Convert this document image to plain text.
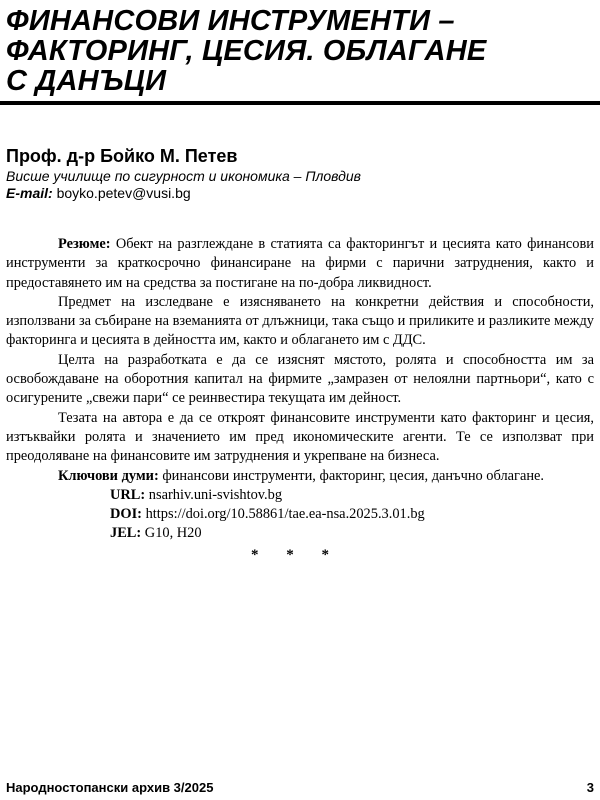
ФИНАНСОВИ ИНСТРУМЕНТИ –
ФАКТОРИНГ, ЦЕСИЯ. ОБЛАГАНЕ
С ДАНЪЦИ

Проф. д-р Бойко М. Петев

Висше училище по сигурност и икономика – Пловдив

E-mail: boyko.petev@vusi.bg

Резюме: Обект на разглеждане в статията са факторингът и цесията като финансови инструменти за краткосрочно финансиране на фирми с парични затруднения, както и предоставянето им на средства за постигане на по-добра ликвидност.

Предмет на изследване е изясняването на конкретни действия и способности, използвани за събиране на вземанията от длъжници, така също и приликите и разликите между факторинга и цесията в дейността им, както и облагането им с ДДС.

Целта на разработката е да се изяснят мястото, ролята и способността им за освобождаване на оборотния капитал на фирмите „замразен от нелоялни партньори“, като с осигурените „свежи пари“ се реинвестира текущата им дейност.

Тезата на автора е да се откроят финансовите инструменти като факторинг и цесия, изтъквайки ролята и значението им пред икономическите агенти. Те се използват при преодоляване на финансовите им затруднения и укрепване на бизнеса.

Ключови думи: финансови инструменти, факторинг, цесия, данъчно облагане.

URL: nsarhiv.uni-svishtov.bg

DOI: https://doi.org/10.58861/tae.ea-nsa.2025.3.01.bg

JEL: G10, H20

* * *
Народностопански архив 3/2025	3
